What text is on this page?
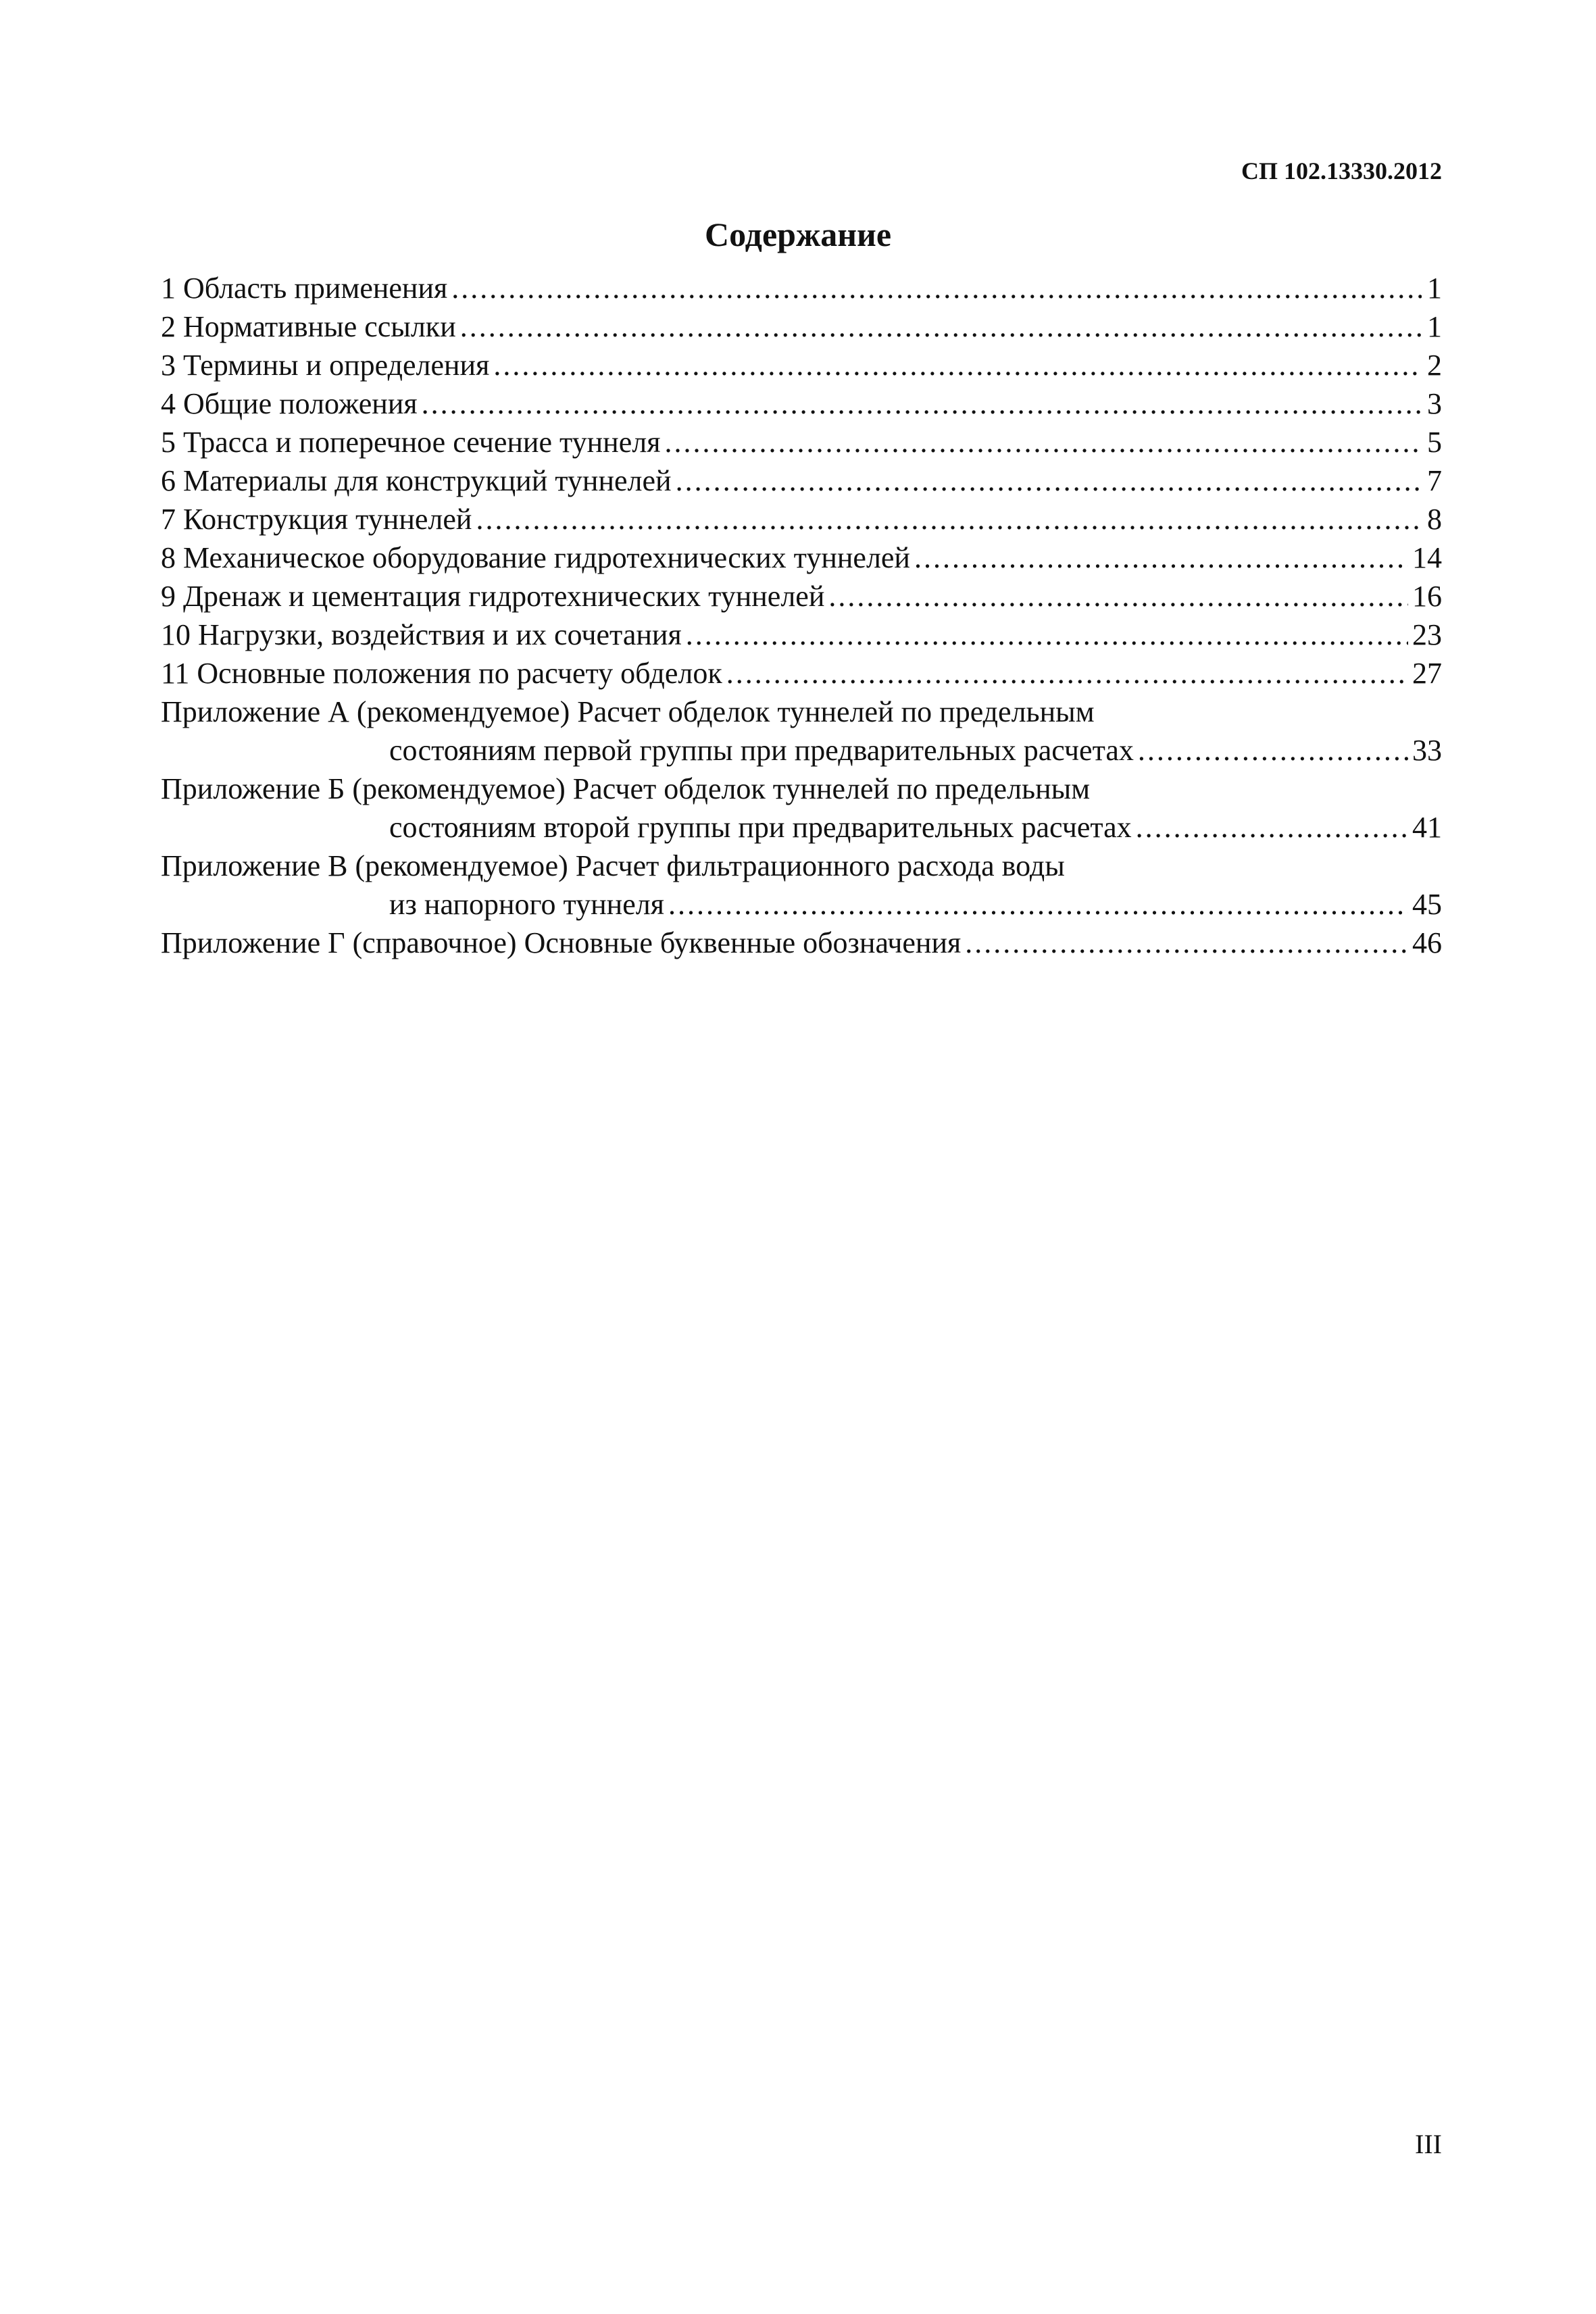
СП 102.13330.2012
Содержание
1 Область применения .....	1
2 Нормативные ссылки .....	1
3 Термины и определения .....	2
4 Общие положения .....	3
5 Трасса и поперечное сечение туннеля .....	5
6 Материалы для конструкций туннелей .....	7
7 Конструкция туннелей .....	8
8 Механическое оборудование гидротехнических туннелей .....	14
9 Дренаж и цементация гидротехнических туннелей .....	16
10 Нагрузки, воздействия и их сочетания .....	23
11 Основные положения по расчету обделок .....	27
Приложение А (рекомендуемое) Расчет обделок туннелей по предельным
состояниям первой группы при предварительных расчетах .....	33
Приложение Б (рекомендуемое) Расчет обделок туннелей по предельным
состояниям второй группы при предварительных расчетах .....	41
Приложение В (рекомендуемое) Расчет фильтрационного расхода воды
из напорного туннеля .....	45
Приложение Г (справочное) Основные буквенные обозначения .....	46
III
